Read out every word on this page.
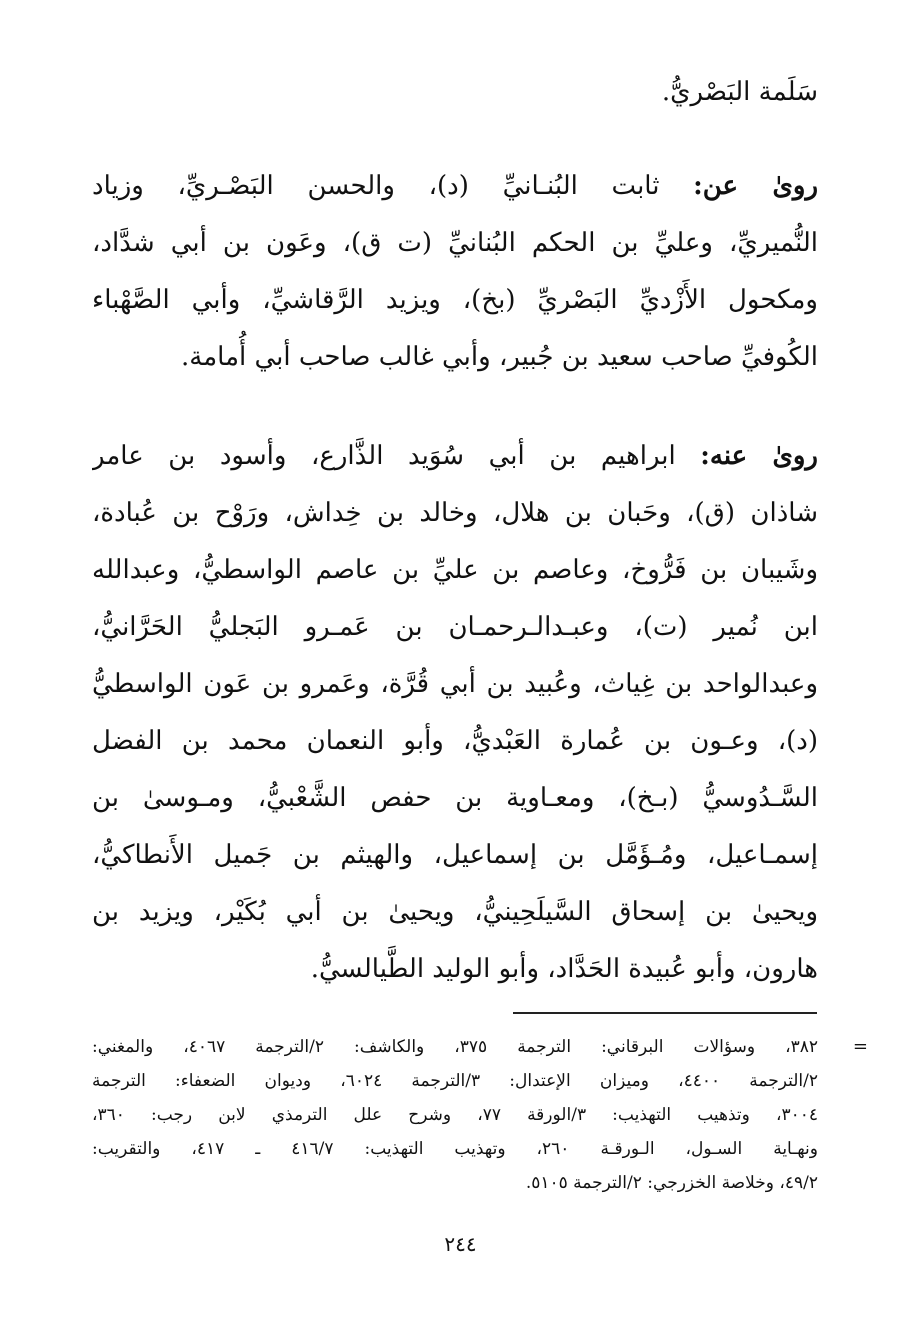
سَلَمة البَصْريُّ.
روىٰ عن: ثابت البُنـانيِّ (د)، والحسن البَصْـريِّ، وزياد
النُّميريِّ، وعليِّ بن الحكم البُنانيِّ (ت ق)، وعَون بن أبي شدَّاد،
ومكحول الأَزْديِّ البَصْريِّ (بخ)، ويزيد الرَّقاشيِّ، وأبي الصَّهْباء
الكُوفيِّ صاحب سعيد بن جُبير، وأبي غالب صاحب أبي أُمامة.
روىٰ عنه: ابراهيم بن أبي سُوَيد الذَّارع، وأسود بن عامر
شاذان (ق)، وحَبان بن هلال، وخالد بن خِداش، ورَوْح بن عُبادة،
وشَيبان بن فَرُّوخ، وعاصم بن عليِّ بن عاصم الواسطيُّ، وعبدالله
ابن نُمير (ت)، وعبـدالـرحمـان بن عَمـرو البَجليُّ الحَرَّانيُّ،
وعبدالواحد بن غِياث، وعُبيد بن أبي قُرَّة، وعَمرو بن عَون الواسطيُّ
(د)، وعـون بن عُمارة العَبْديُّ، وأبو النعمان محمد بن الفضل
السَّـدُوسيُّ (بـخ)، ومعـاوية بن حفص الشَّعْبيُّ، ومـوسىٰ بن
إسمـاعيل، ومُـؤَمَّل بن إسماعيل، والهيثم بن جَميل الأَنطاكيُّ،
ويحيىٰ بن إسحاق السَّيلَحِينيُّ، ويحيىٰ بن أبي بُكَيْر، ويزيد بن
هارون، وأبو عُبيدة الحَدَّاد، وأبو الوليد الطَّيالسيُّ.
=
٣٨٢، وسؤالات البرقاني: الترجمة ٣٧٥، والكاشف: ٢/الترجمة ٤٠٦٧، والمغني:
٢/الترجمة ٤٤٠٠، وميزان الإعتدال: ٣/الترجمة ٦٠٢٤، وديوان الضعفاء: الترجمة
٣٠٠٤، وتذهيب التهذيب: ٣/الورقة ٧٧، وشرح علل الترمذي لابن رجب: ٣٦٠،
ونهـاية السـول، الـورقـة ٢٦٠، وتهذيب التهذيب: ٤١٦/٧ ـ ٤١٧، والتقريب:
٤٩/٢، وخلاصة الخزرجي: ٢/الترجمة ٥١٠٥.
٢٤٤
